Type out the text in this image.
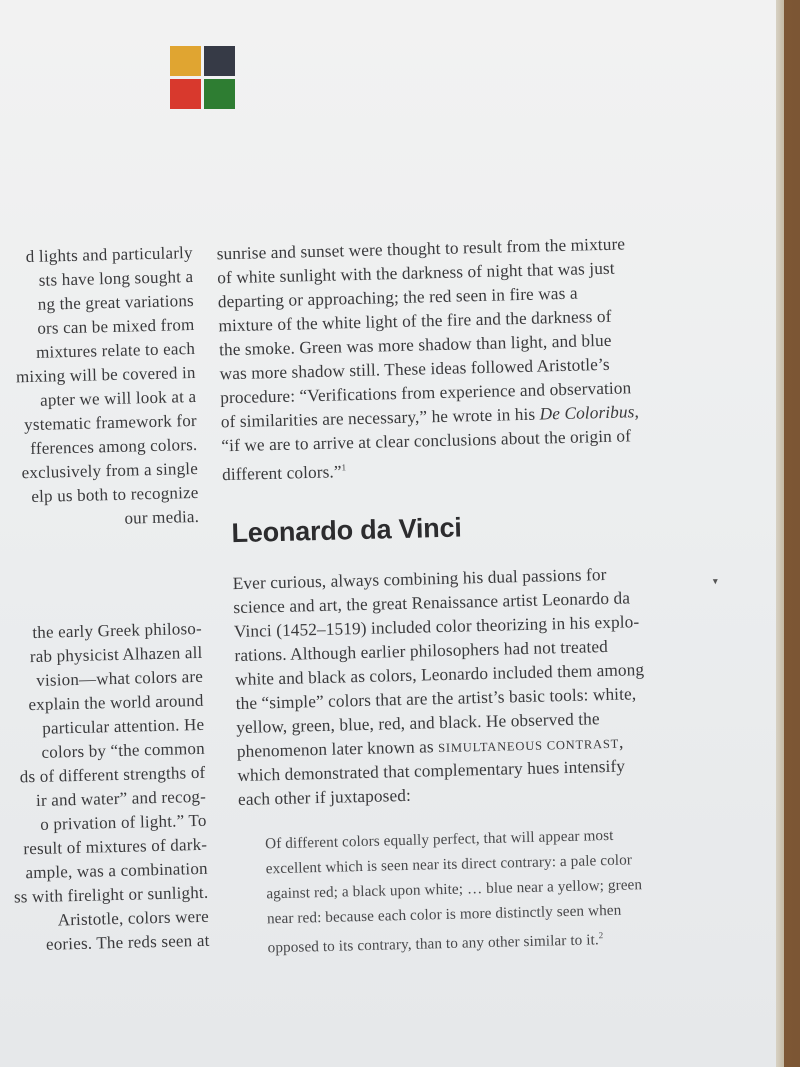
d lights and particularly
sts have long sought a
ng the great variations
ors can be mixed from
mixtures relate to each
mixing will be covered in
apter we will look at a
ystematic framework for
fferences among colors.
exclusively from a single
elp us both to recognize
our media.
the early Greek philoso-
rab physicist Alhazen all
vision—what colors are
explain the world around
particular attention. He
colors by “the common
ds of different strengths of
ir and water” and recog-
o privation of light.” To
result of mixtures of dark-
ample, was a combination
ss with firelight or sunlight.
Aristotle, colors were
eories. The reds seen at
sunrise and sunset were thought to result from the mixture
of white sunlight with the darkness of night that was just
departing or approaching; the red seen in fire was a
mixture of the white light of the fire and the darkness of
the smoke. Green was more shadow than light, and blue
was more shadow still. These ideas followed Aristotle’s
procedure: “Verifications from experience and observation
of similarities are necessary,” he wrote in his De Coloribus,
“if we are to arrive at clear conclusions about the origin of
different colors.”$^1$
Leonardo da Vinci
Ever curious, always combining his dual passions for
science and art, the great Renaissance artist Leonardo da
Vinci (1452–1519) included color theorizing in his explo-
rations. Although earlier philosophers had not treated
white and black as colors, Leonardo included them among
the “simple” colors that are the artist’s basic tools: white,
yellow, green, blue, red, and black. He observed the
phenomenon later known as SIMULTANEOUS CONTRAST,
which demonstrated that complementary hues intensify
each other if juxtaposed:
Of different colors equally perfect, that will appear most
excellent which is seen near its direct contrary: a pale color
against red; a black upon white; … blue near a yellow; green
near red: because each color is more distinctly seen when
opposed to its contrary, than to any other similar to it.$^2$
▾
